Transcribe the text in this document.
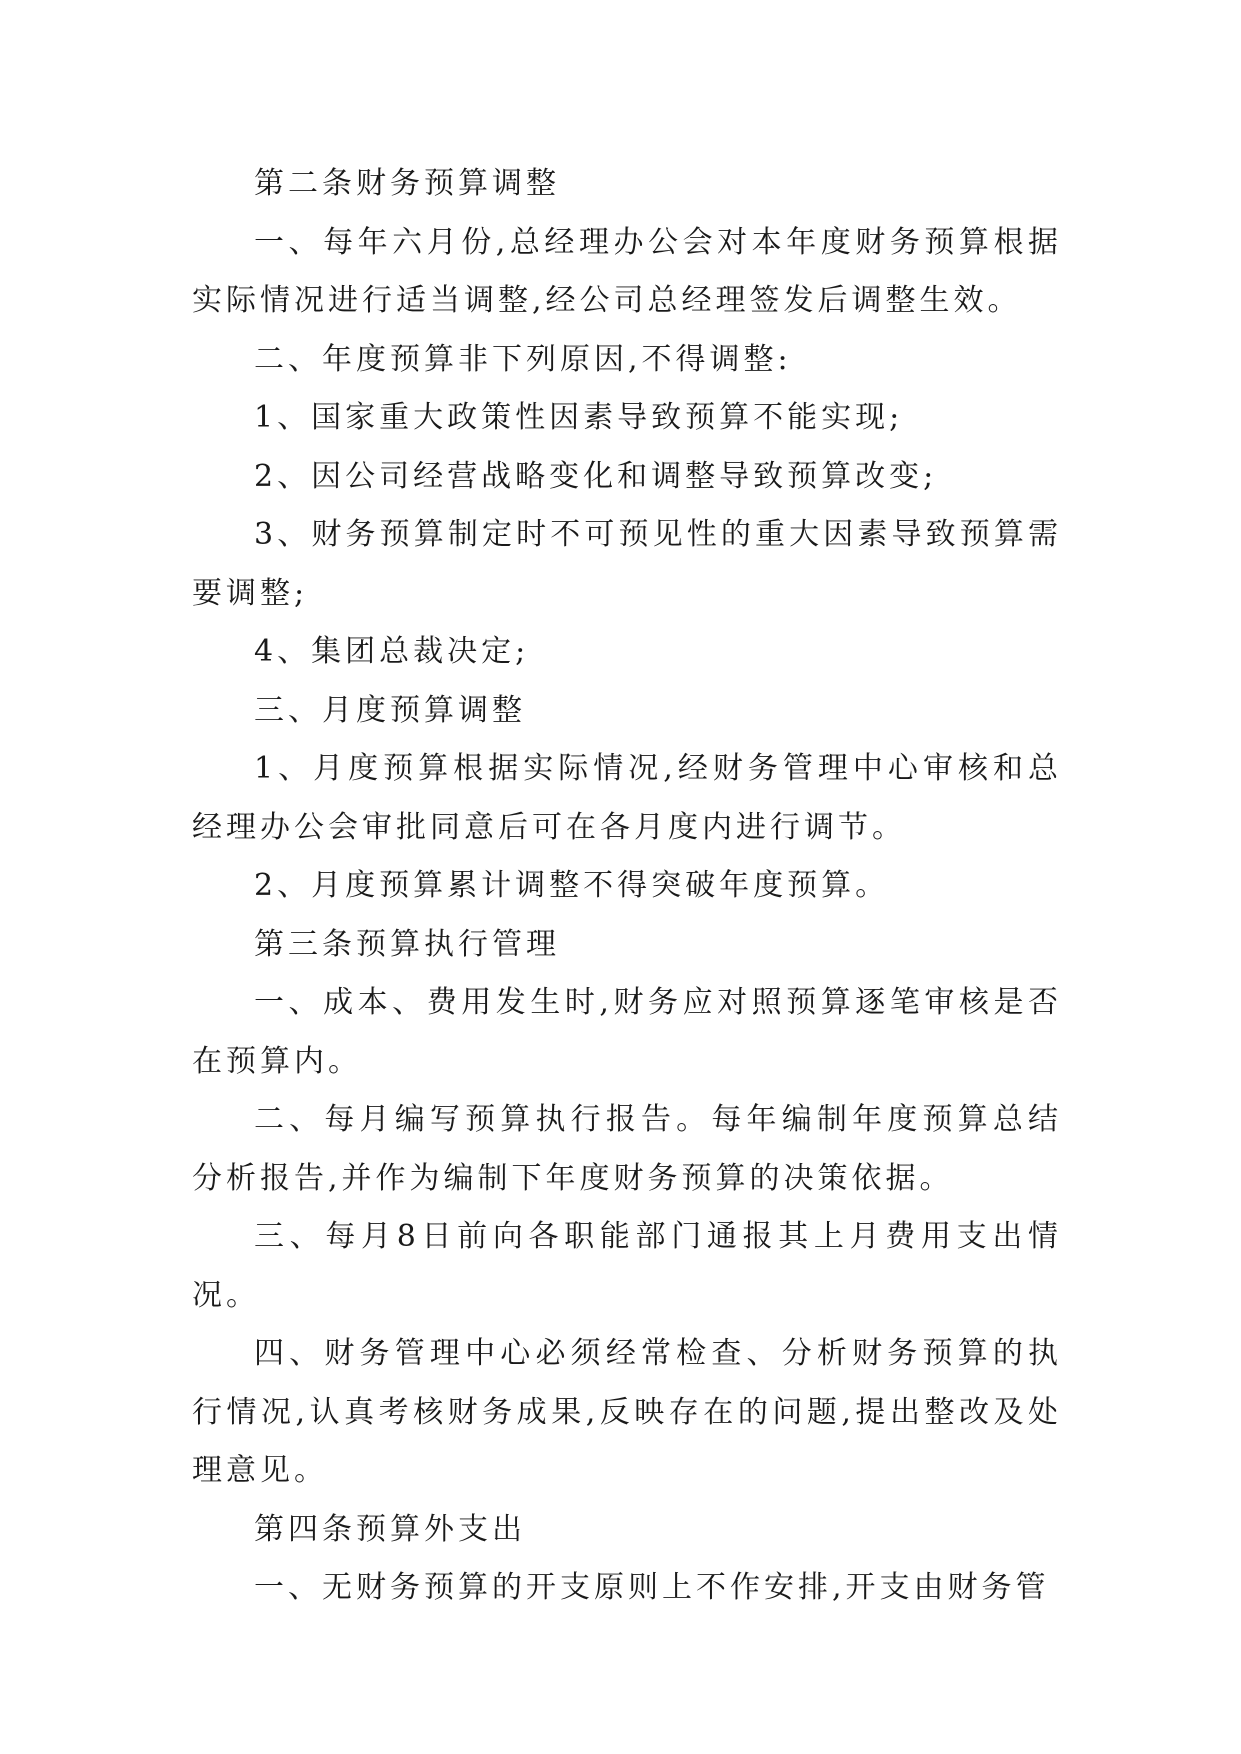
第二条财务预算调整

一、每年六月份,总经理办公会对本年度财务预算根据实际情况进行适当调整,经公司总经理签发后调整生效。

二、年度预算非下列原因,不得调整:

1、国家重大政策性因素导致预算不能实现;

2、因公司经营战略变化和调整导致预算改变;

3、财务预算制定时不可预见性的重大因素导致预算需要调整;

4、集团总裁决定;

三、月度预算调整

1、月度预算根据实际情况,经财务管理中心审核和总经理办公会审批同意后可在各月度内进行调节。

2、月度预算累计调整不得突破年度预算。

第三条预算执行管理

一、成本、费用发生时,财务应对照预算逐笔审核是否在预算内。

二、每月编写预算执行报告。每年编制年度预算总结分析报告,并作为编制下年度财务预算的决策依据。

三、每月8日前向各职能部门通报其上月费用支出情况。

四、财务管理中心必须经常检查、分析财务预算的执行情况,认真考核财务成果,反映存在的问题,提出整改及处理意见。

第四条预算外支出

一、无财务预算的开支原则上不作安排,开支由财务管
